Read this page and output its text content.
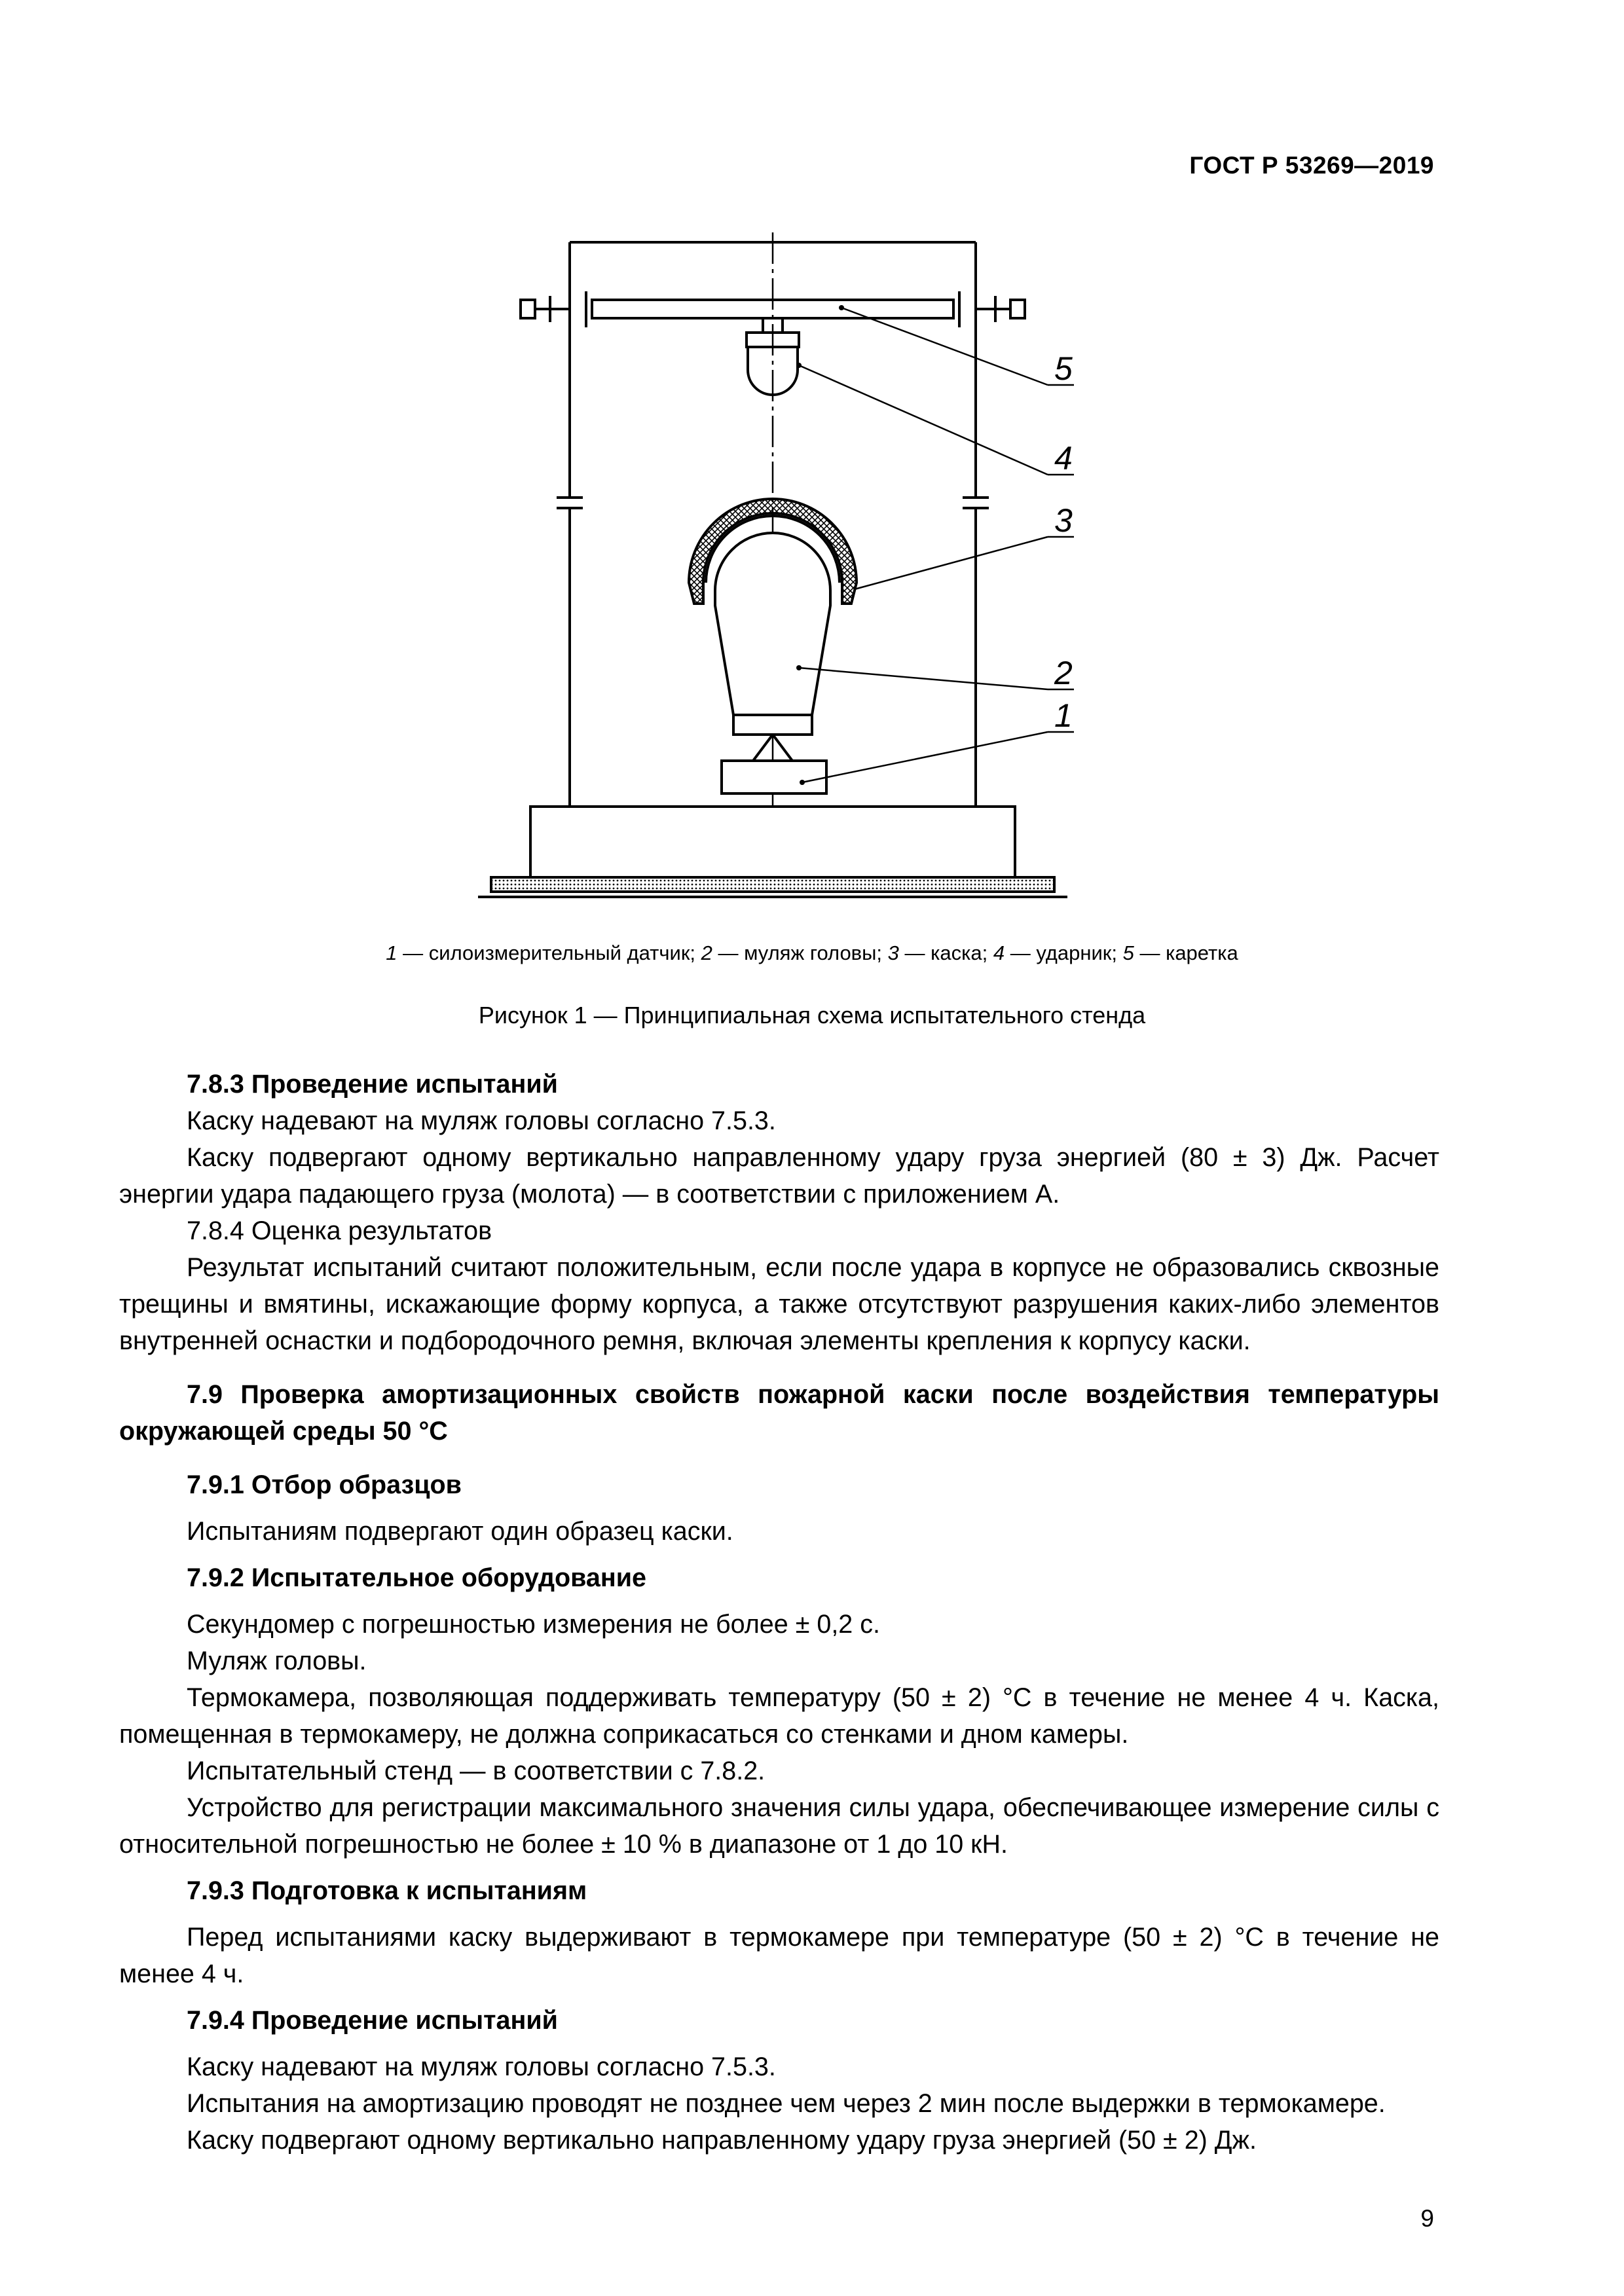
ГОСТ Р 53269—2019
5
4
3
2
1
1 — силоизмерительный датчик; 2 — муляж головы; 3 — каска; 4 — ударник; 5 — каретка
Рисунок 1 — Принципиальная схема испытательного стенда

7.8.3 Проведение испытаний

Каску надевают на муляж головы согласно 7.5.3.

Каску подвергают одному вертикально направленному удару груза энергией (80 ± 3) Дж. Расчет энергии удара падающего груза (молота) — в соответствии с приложением А.

7.8.4 Оценка результатов

Результат испытаний считают положительным, если после удара в корпусе не образовались сквозные трещины и вмятины, искажающие форму корпуса, а также отсутствуют разрушения каких-либо элементов внутренней оснастки и подбородочного ремня, включая элементы крепления к корпусу каски.

7.9 Проверка амортизационных свойств пожарной каски после воздействия температуры окружающей среды 50 °С

7.9.1 Отбор образцов

Испытаниям подвергают один образец каски.

7.9.2 Испытательное оборудование

Секундомер с погрешностью измерения не более ± 0,2 с.

Муляж головы.

Термокамера, позволяющая поддерживать температуру (50 ± 2) °С в течение не менее 4 ч. Каска, помещенная в термокамеру, не должна соприкасаться со стенками и дном камеры.

Испытательный стенд — в соответствии с 7.8.2.

Устройство для регистрации максимального значения силы удара, обеспечивающее измерение силы с относительной погрешностью не более ± 10 % в диапазоне от 1 до 10 кН.

7.9.3 Подготовка к испытаниям

Перед испытаниями каску выдерживают в термокамере при температуре (50 ± 2) °С в течение не менее 4 ч.

7.9.4 Проведение испытаний

Каску надевают на муляж головы согласно 7.5.3.

Испытания на амортизацию проводят не позднее чем через 2 мин после выдержки в термокамере.

Каску подвергают одному вертикально направленному удару груза энергией (50 ± 2) Дж.

9
